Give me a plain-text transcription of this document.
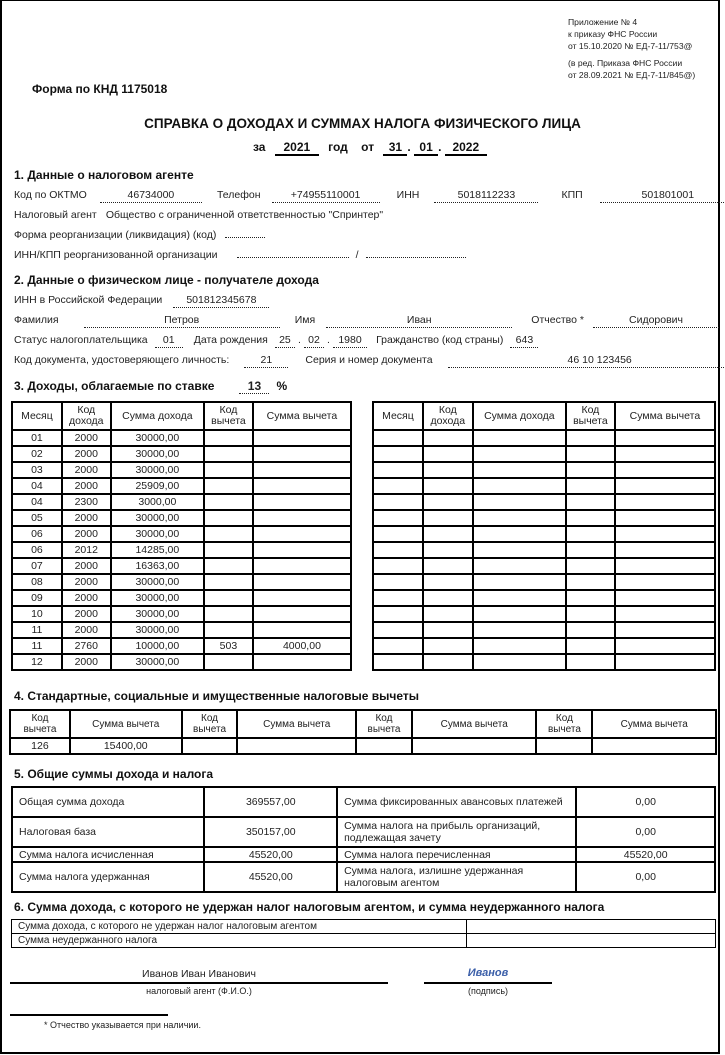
Приложение № 4
к приказу ФНС России
от 15.10.2020 № ЕД-7-11/753@
(в ред. Приказа ФНС России
от 28.09.2021 № ЕД-7-11/845@)
Форма по КНД 1175018
СПРАВКА О ДОХОДАХ И СУММАХ НАЛОГА ФИЗИЧЕСКОГО ЛИЦА
за 2021 год от 31 . 01 . 2022
1. Данные о налоговом агенте
Код по ОКТМО	46734000	Телефон	+74955110001	ИНН	5018112233	КПП	501801001
Налоговый агент Общество с ограниченной ответственностью "Спринтер"
Форма реорганизации (ликвидация) (код)
ИНН/КПП реорганизованной организации	/
2. Данные о физическом лице - получателе дохода
ИНН в Российской Федерации 501812345678
Фамилия	Петров	Имя	Иван	Отчество *	Сидорович
Статус налогоплательщика 01 Дата рождения 25 . 02 . 1980 Гражданство (код страны) 643
Код документа, удостоверяющего личность:	21	Серия и номер документа	46 10 123456
3. Доходы, облагаемые по ставке	13 %
Месяц	Код дохода	Сумма дохода	Код вычета	Сумма вычета
01	2000	30000,00		
02	2000	30000,00		
03	2000	30000,00		
04	2000	25909,00		
04	2300	3000,00		
05	2000	30000,00		
06	2000	30000,00		
06	2012	14285,00		
07	2000	16363,00		
08	2000	30000,00		
09	2000	30000,00		
10	2000	30000,00		
11	2000	30000,00		
11	2760	10000,00	503	4000,00
12	2000	30000,00		
Месяц	Код дохода	Сумма дохода	Код вычета	Сумма вычета

4. Стандартные, социальные и имущественные налоговые вычеты
Код вычета	Сумма вычета	Код вычета	Сумма вычета	Код вычета	Сумма вычета	Код вычета	Сумма вычета
126	15400,00						
5. Общие суммы дохода и налога
Общая сумма дохода	369557,00	Сумма фиксированных авансовых платежей	0,00
Налоговая база	350157,00	Сумма налога на прибыль организаций, подлежащая зачету	0,00
Сумма налога исчисленная	45520,00	Сумма налога перечисленная	45520,00
Сумма налога удержанная	45520,00	Сумма налога, излишне удержанная налоговым агентом	0,00
6. Сумма дохода, с которого не удержан налог налоговым агентом, и сумма неудержанного налога
Сумма дохода, с которого не удержан налог налоговым агентом	
Сумма неудержанного налога	
Иванов Иван Иванович
налоговый агент (Ф.И.О.)
Иванов
(подпись)
* Отчество указывается при наличии.
